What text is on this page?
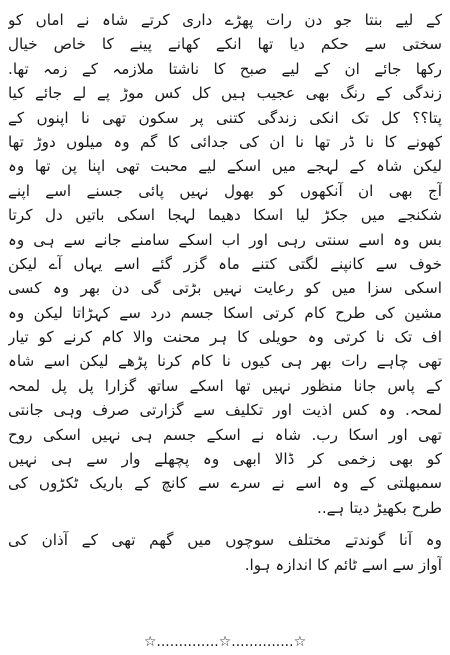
کے لیے بنتا جو دن رات پھڑے داری کرتے شاہ نے اماں کو
سختی سے حکم دیا تھا انکے کھانے پینے کا خاص خیال
رکھا جائے ان کے لیے صبح کا ناشتا ملازمہ کے زمہ تھا.
زندگی کے رنگ بھی عجیب ہیں کل کس موڑ پے لے جائے کیا
پتا؟؟ کل تک انکی زندگی کتنی پر سکون تھی نا اپنوں کے
کھونے کا نا ڈر تھا نا ان کی جدائی کا گم وہ میلوں دوڑ تھا
لیکن شاہ کے لہجے میں اسکے لیے محبت تھی اپنا پن تھا وہ
آج بھی ان آنکھوں کو بھول نہیں پائی جسنے اسے اپنے
شکنجے میں جکڑ لیا اسکا دھیما لہجا اسکی باتیں دل کرتا
بس وہ اسے سنتی رہی اور اب اسکے سامنے جانے سے ہی وہ
خوف سے کانپنے لگتی کتنے ماہ گزر گئے اسے یہاں آے لیکن
اسکی سزا میں کو رعایت نہیں بڑتی گی دن بھر وہ کسی
مشین کی طرح کام کرتی اسکا جسم درد سے کہڑاتا لیکن وہ
اف تک نا کرتی وہ حویلی کا ہر محنت والا کام کرنے کو تیار
تھی چاہے رات بھر ہی کیوں نا کام کرنا پڑھے لیکن اسے شاہ
کے پاس جانا منظور نہیں تھا اسکے ساتھ گزارا پل پل لمحہ
لمحہ. وہ کس اذیت اور تکلیف سے گزارتی صرف وہی جانتی
تھی اور اسکا رب. شاہ نے اسکے جسم ہی نہیں اسکی روح
کو بھی زخمی کر ڈالا ابھی وہ پچھلے وار سے ہی نہیں
سمبھلتی کے وہ اسے نے سرے سے کانچ کے باریک ٹکڑوں کی
طرح بکھیڑ دیتا ہے..
وہ آنا گوندتے مختلف سوچوں میں گھم تھی کے آذان کی
آواز سے اسے ٹائم کا اندازہ ہوا.
☆..............☆..............☆
